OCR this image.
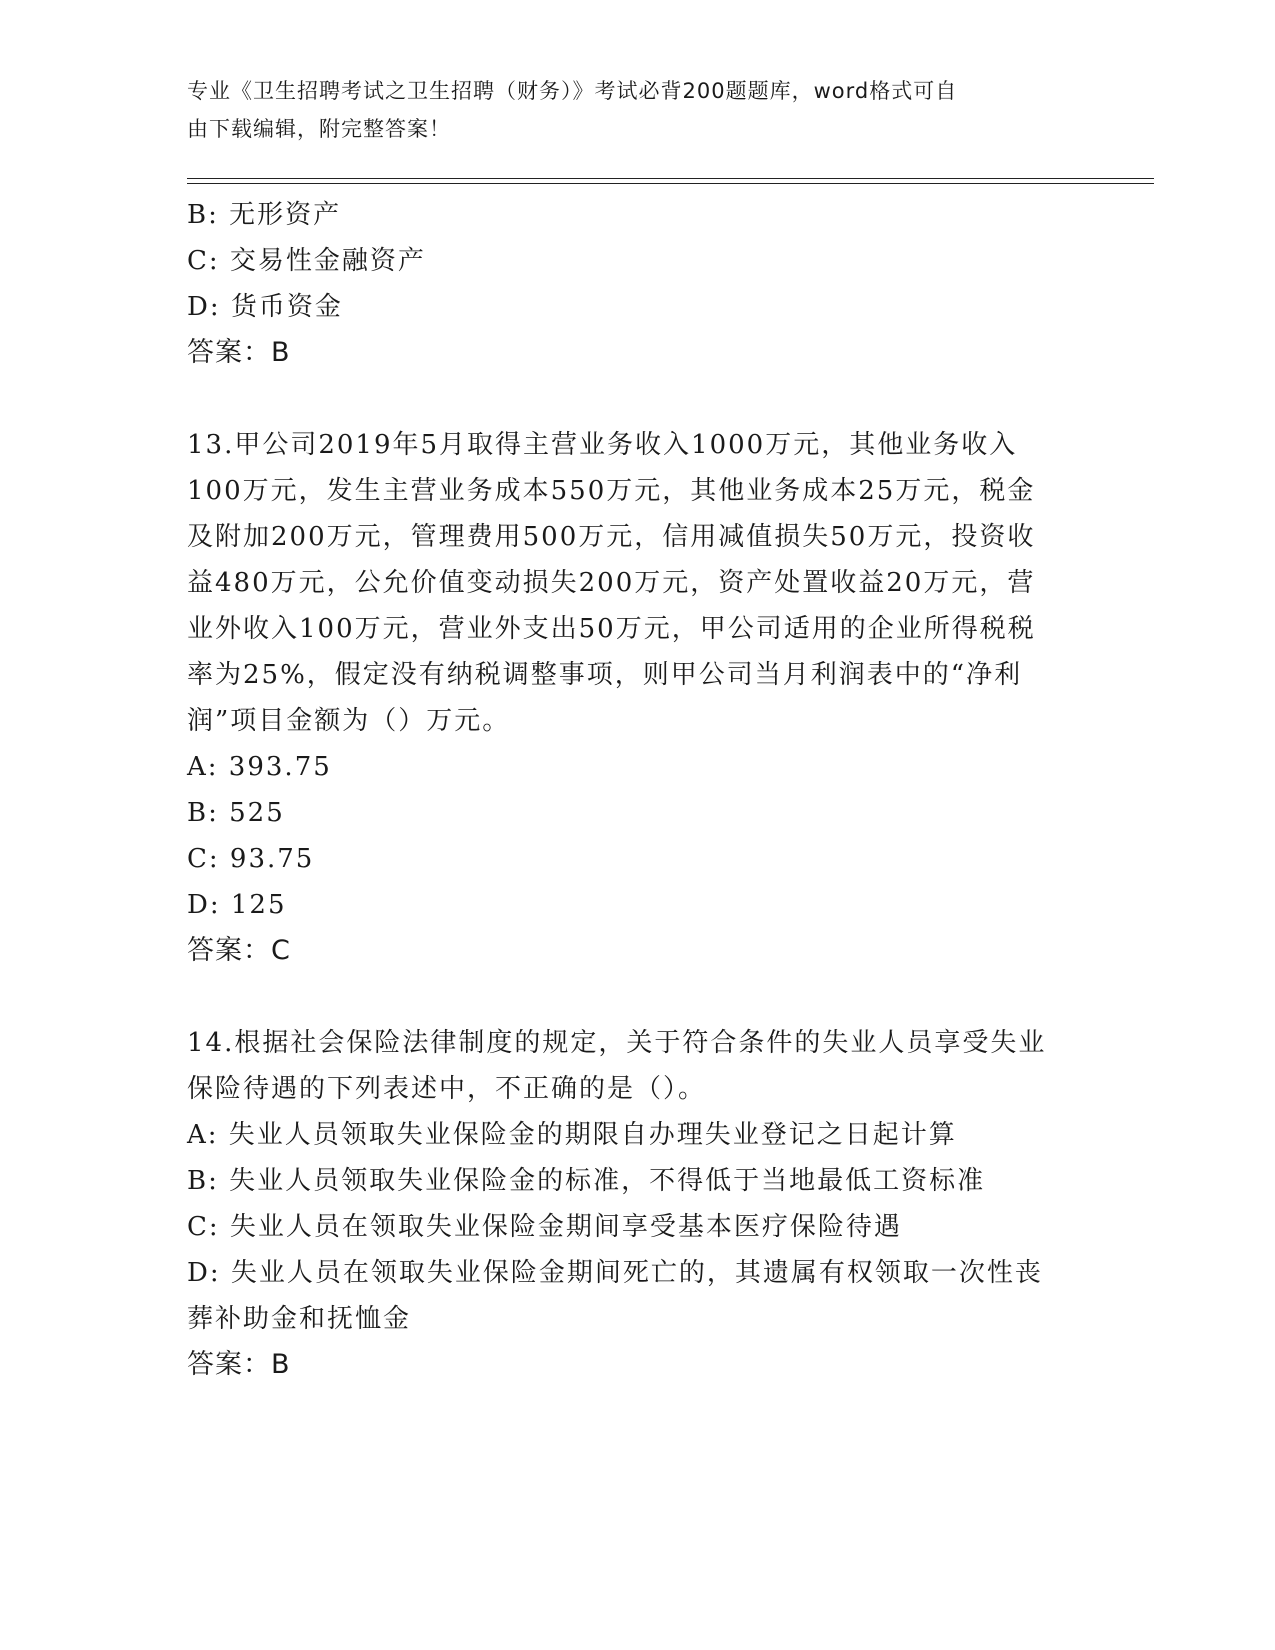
专业《卫生招聘考试之卫生招聘（财务）》考试必背200题题库，word格式可自
由下载编辑，附完整答案！
B: 无形资产
C: 交易性金融资产
D: 货币资金
答案：B
13.甲公司2019年5月取得主营业务收入1000万元，其他业务收入
100万元，发生主营业务成本550万元，其他业务成本25万元，税金
及附加200万元，管理费用500万元，信用减值损失50万元，投资收
益480万元，公允价值变动损失200万元，资产处置收益20万元，营
业外收入100万元，营业外支出50万元，甲公司适用的企业所得税税
率为25%，假定没有纳税调整事项，则甲公司当月利润表中的“净利
润”项目金额为（）万元。
A: 393.75
B: 525
C: 93.75
D: 125
答案：C
14.根据社会保险法律制度的规定，关于符合条件的失业人员享受失业
保险待遇的下列表述中，不正确的是（）。
A: 失业人员领取失业保险金的期限自办理失业登记之日起计算
B: 失业人员领取失业保险金的标准，不得低于当地最低工资标准
C: 失业人员在领取失业保险金期间享受基本医疗保险待遇
D: 失业人员在领取失业保险金期间死亡的，其遗属有权领取一次性丧
葬补助金和抚恤金
答案：B
